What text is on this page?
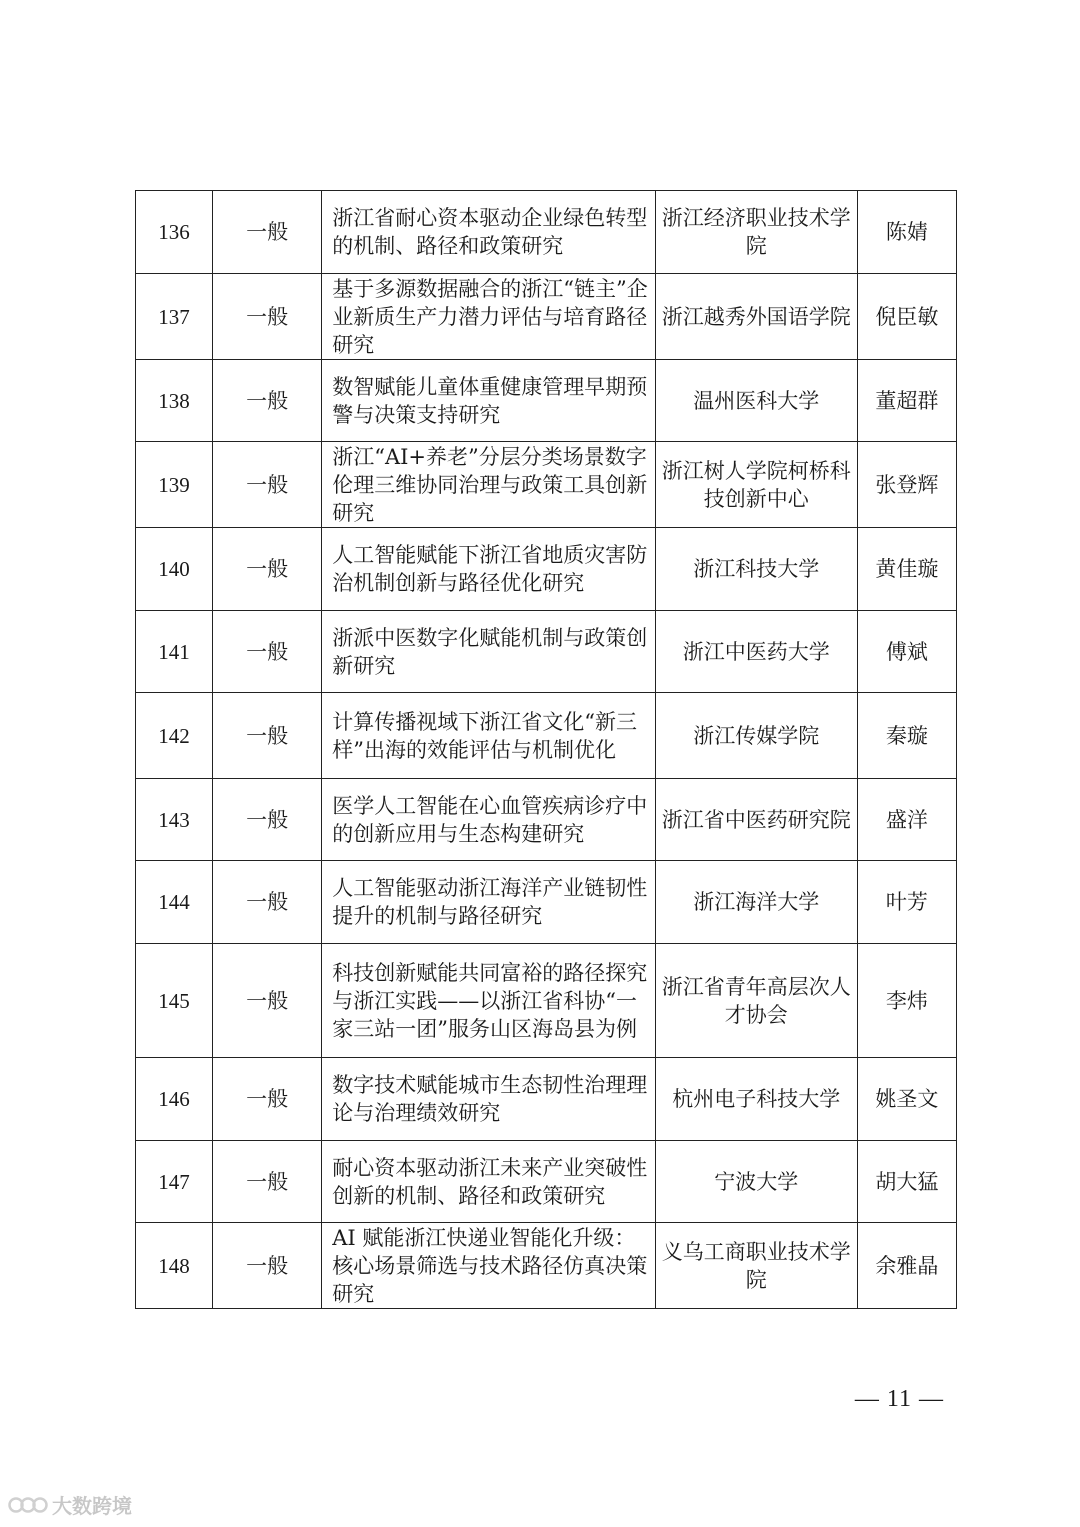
136	一般	浙江省耐心资本驱动企业绿色转型的机制、路径和政策研究	浙江经济职业技术学院	陈婧
137	一般	基于多源数据融合的浙江“链主”企业新质生产力潜力评估与培育路径研究	浙江越秀外国语学院	倪臣敏
138	一般	数智赋能儿童体重健康管理早期预警与决策支持研究	温州医科大学	董超群
139	一般	浙江“AI+养老”分层分类场景数字伦理三维协同治理与政策工具创新研究	浙江树人学院柯桥科技创新中心	张登辉
140	一般	人工智能赋能下浙江省地质灾害防治机制创新与路径优化研究	浙江科技大学	黄佳璇
141	一般	浙派中医数字化赋能机制与政策创新研究	浙江中医药大学	傅斌
142	一般	计算传播视域下浙江省文化“新三样”出海的效能评估与机制优化	浙江传媒学院	秦璇
143	一般	医学人工智能在心血管疾病诊疗中的创新应用与生态构建研究	浙江省中医药研究院	盛洋
144	一般	人工智能驱动浙江海洋产业链韧性提升的机制与路径研究	浙江海洋大学	叶芳
145	一般	科技创新赋能共同富裕的路径探究与浙江实践——以浙江省科协“一家三站一团”服务山区海岛县为例	浙江省青年高层次人才协会	李炜
146	一般	数字技术赋能城市生态韧性治理理论与治理绩效研究	杭州电子科技大学	姚圣文
147	一般	耐心资本驱动浙江未来产业突破性创新的机制、路径和政策研究	宁波大学	胡大猛
148	一般	AI 赋能浙江快递业智能化升级：核心场景筛选与技术路径仿真决策研究	义乌工商职业技术学院	余雅晶
— 11 —
大数跨境
